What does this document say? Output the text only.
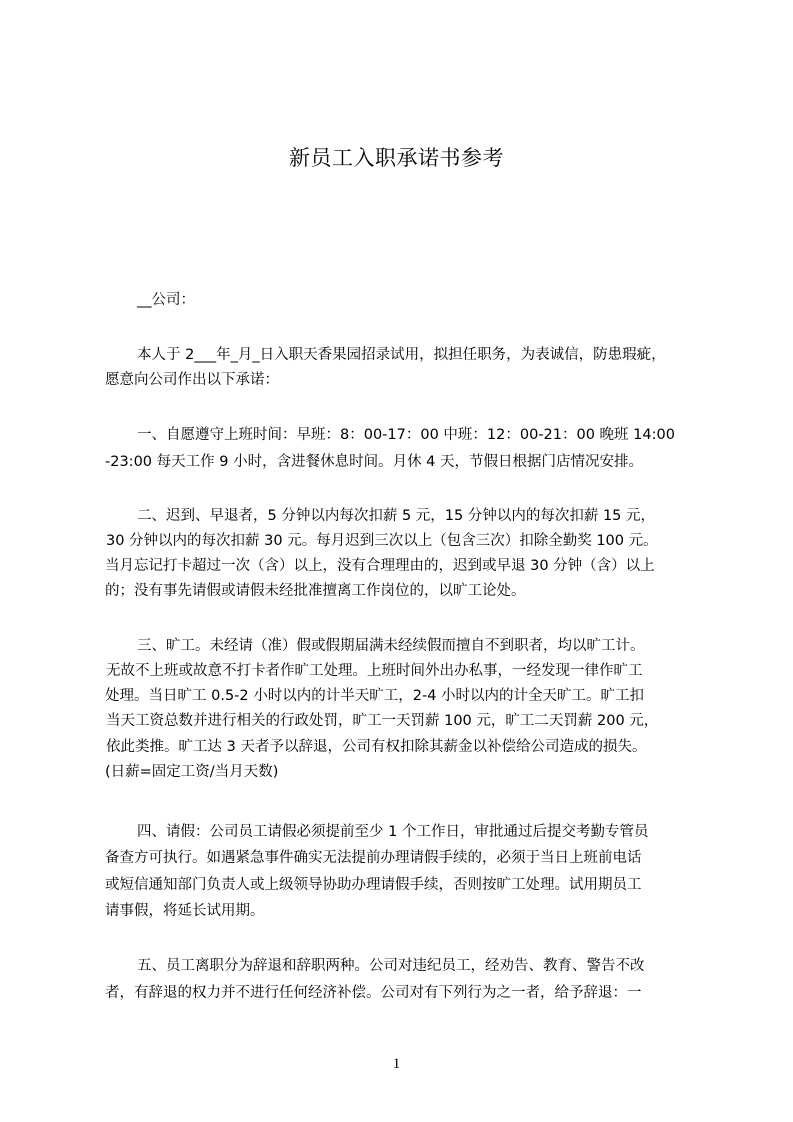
新员工入职承诺书参考

__公司：

本人于 2___年_月_日入职天香果园招录试用，拟担任职务，为表诚信，防患瑕疵，

愿意向公司作出以下承诺：

一、自愿遵守上班时间：早班：8：00-17：00 中班：12：00-21：00 晚班 14:00

-23:00 每天工作 9 小时，含进餐休息时间。月休 4 天，节假日根据门店情况安排。

二、迟到、早退者，5 分钟以内每次扣薪 5 元，15 分钟以内的每次扣薪 15 元，

30 分钟以内的每次扣薪 30 元。每月迟到三次以上（包含三次）扣除全勤奖 100 元。

当月忘记打卡超过一次（含）以上，没有合理理由的，迟到或早退 30 分钟（含）以上

的；没有事先请假或请假未经批准擅离工作岗位的，以旷工论处。

三、旷工。未经请（准）假或假期届满未经续假而擅自不到职者，均以旷工计。

无故不上班或故意不打卡者作旷工处理。上班时间外出办私事，一经发现一律作旷工

处理。当日旷工 0.5-2 小时以内的计半天旷工，2-4 小时以内的计全天旷工。旷工扣

当天工资总数并进行相关的行政处罚，旷工一天罚薪 100 元，旷工二天罚薪 200 元，

依此类推。旷工达 3 天者予以辞退，公司有权扣除其薪金以补偿给公司造成的损失。

(日薪=固定工资/当月天数)

四、请假：公司员工请假必须提前至少 1 个工作日，审批通过后提交考勤专管员

备查方可执行。如遇紧急事件确实无法提前办理请假手续的，必须于当日上班前电话

或短信通知部门负责人或上级领导协助办理请假手续，否则按旷工处理。试用期员工

请事假，将延长试用期。

五、员工离职分为辞退和辞职两种。公司对违纪员工，经劝告、教育、警告不改

者，有辞退的权力并不进行任何经济补偿。公司对有下列行为之一者，给予辞退：一

1
